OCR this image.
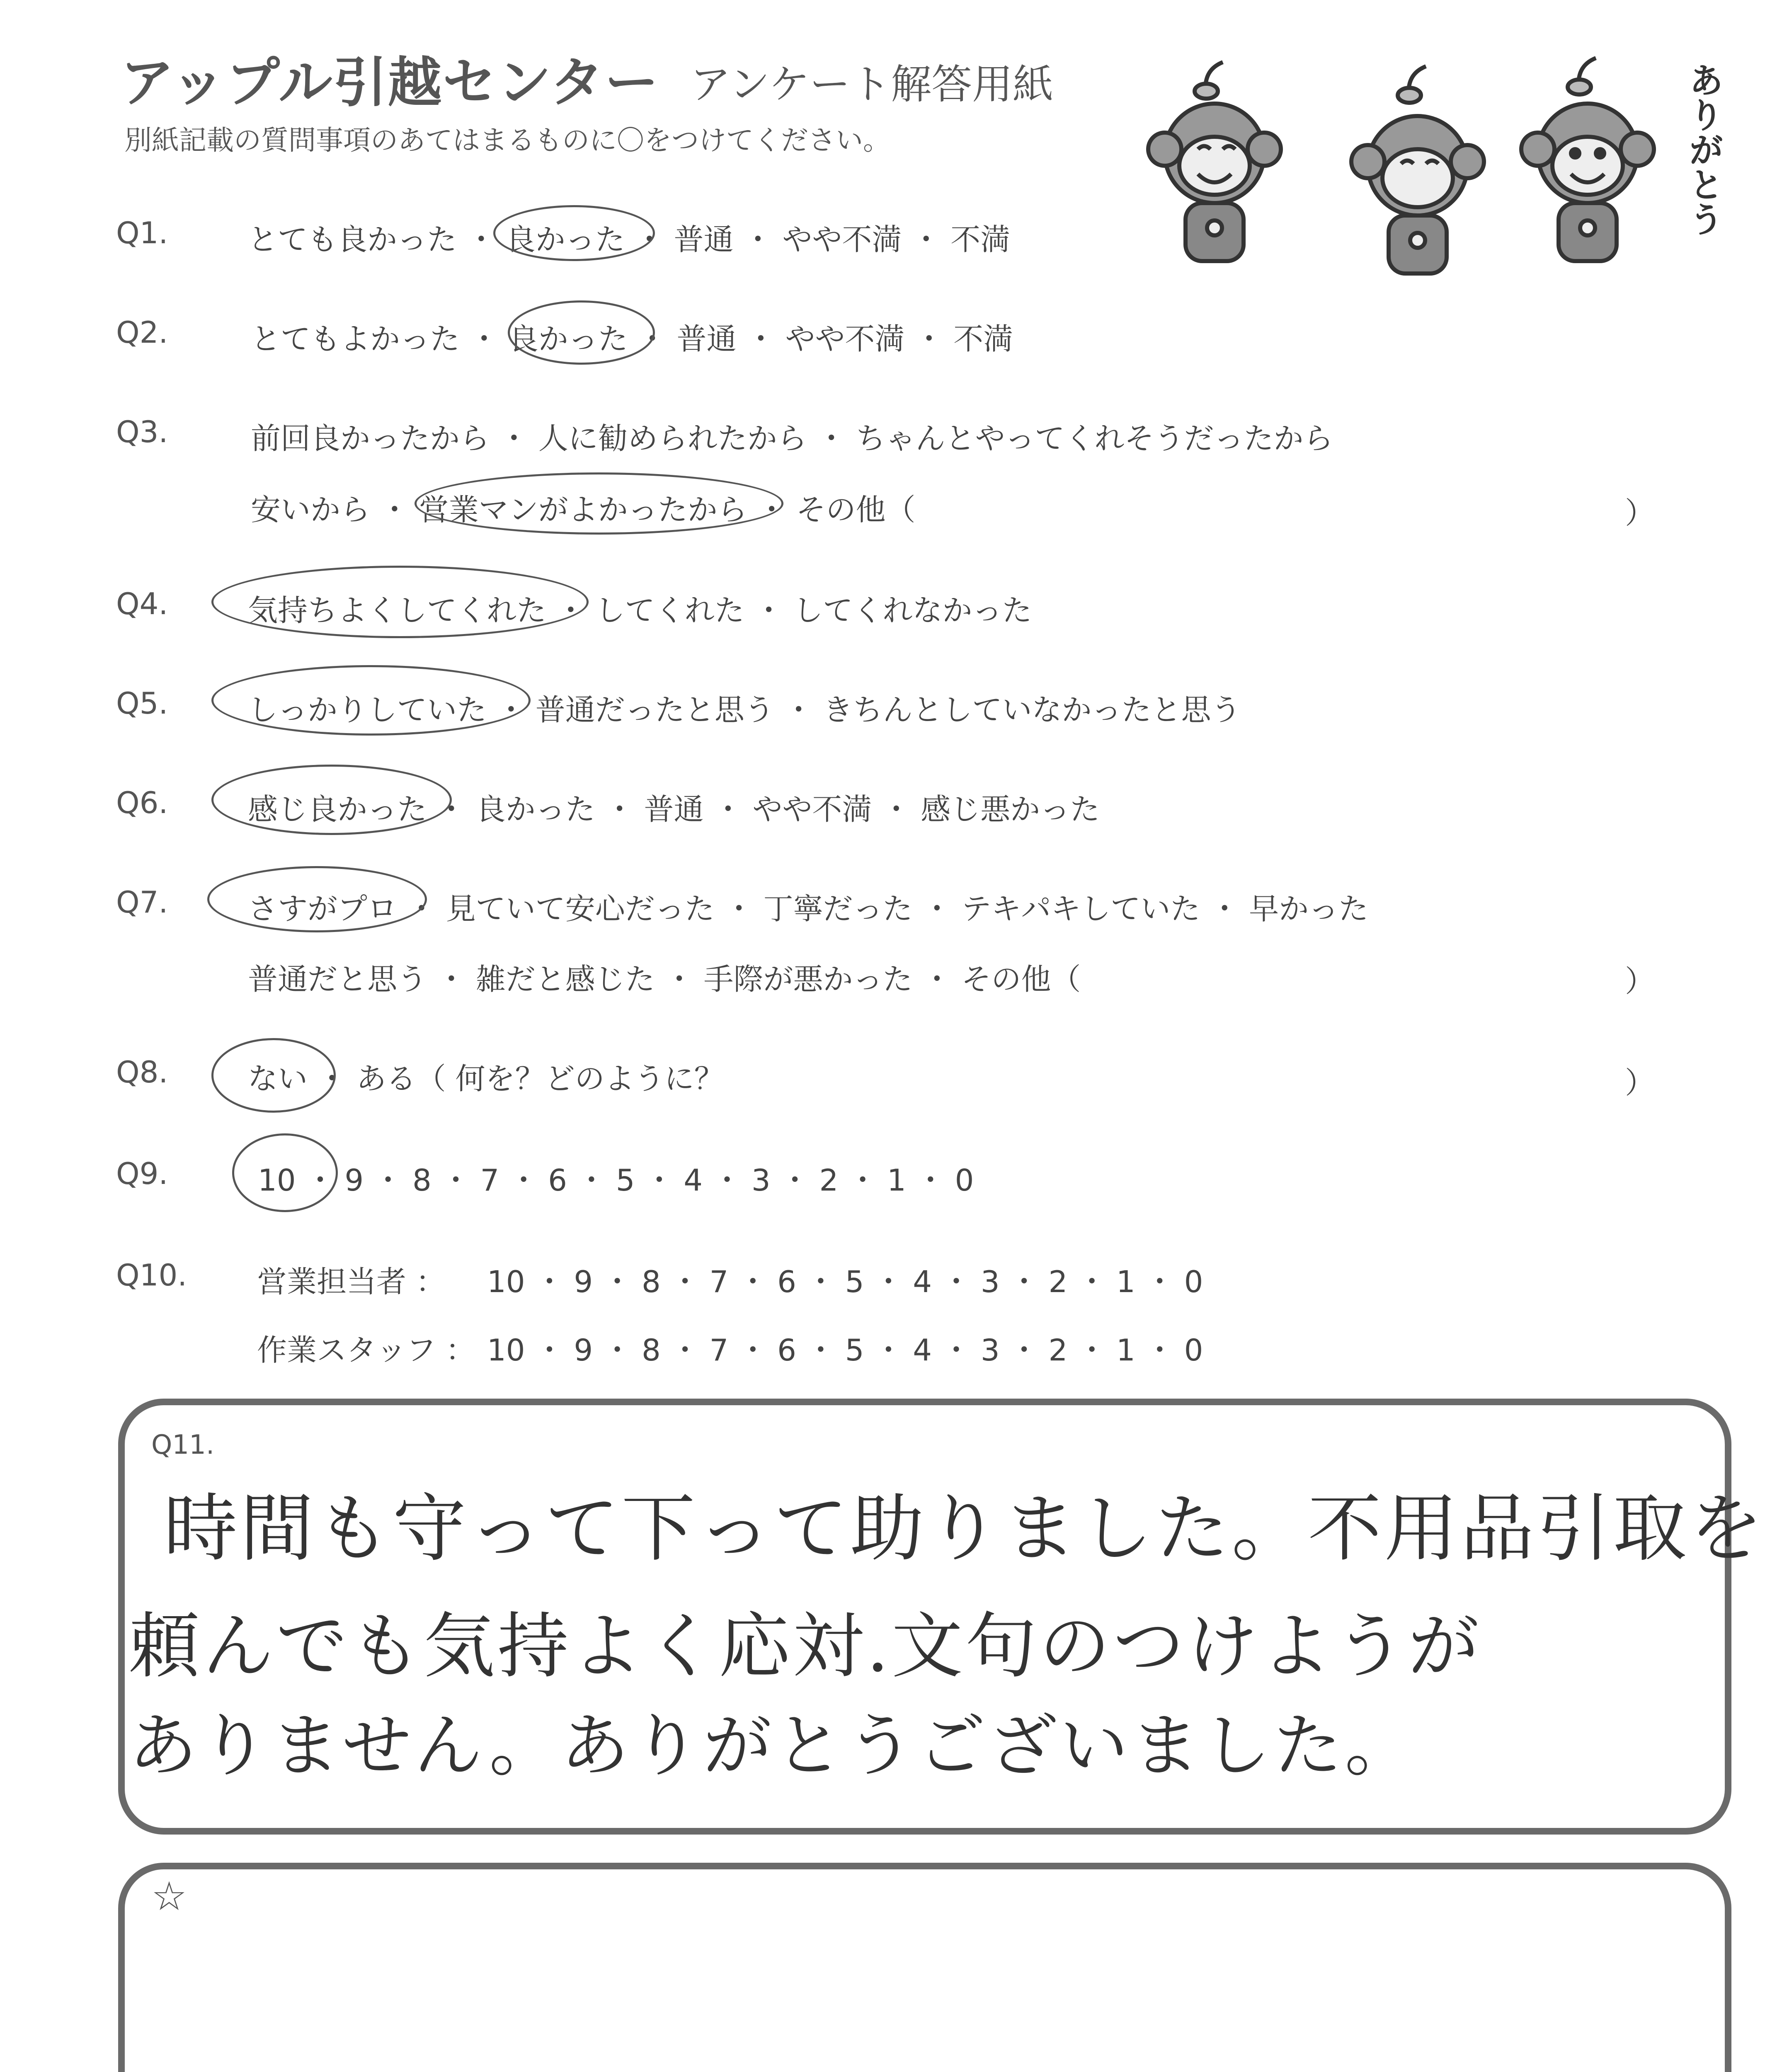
アップル引越センター アンケート解答用紙
別紙記載の質問事項のあてはまるものに〇をつけてください。	ありがとう
Q1.	とても良かった ・ 良かった ・ 普通 ・ やや不満 ・ 不満
Q2.	とてもよかった ・ 良かった ・ 普通 ・ やや不満 ・ 不満
Q3.	前回良かったから ・ 人に勧められたから ・ ちゃんとやってくれそうだったから
安いから ・ 営業マンがよかったから ・ その他（	）
Q4.	気持ちよくしてくれた ・ してくれた ・ してくれなかった
Q5.	しっかりしていた ・ 普通だったと思う ・ きちんとしていなかったと思う
Q6.	感じ良かった ・ 良かった ・ 普通 ・ やや不満 ・ 感じ悪かった
Q7.	さすがプロ ・ 見ていて安心だった ・ 丁寧だった ・ テキパキしていた ・ 早かった
普通だと思う ・ 雑だと感じた ・ 手際が悪かった ・ その他（	）
Q8.	ない ・ ある（ 何を？どのように？	）
Q9.	10 ・ 9 ・ 8 ・ 7 ・ 6 ・ 5 ・ 4 ・ 3 ・ 2 ・ 1 ・ 0
Q10. 営業担当者 ： 10 ・ 9 ・ 8 ・ 7 ・ 6 ・ 5 ・ 4 ・ 3 ・ 2 ・ 1 ・ 0
作業スタッフ ： 10 ・ 9 ・ 8 ・ 7 ・ 6 ・ 5 ・ 4 ・ 3 ・ 2 ・ 1 ・ 0
Q11.
時間も守って下って助りました。不用品引取を
頼んでも気持よく応対.文句のつけようが
ありません。ありがとうございました。
☆
